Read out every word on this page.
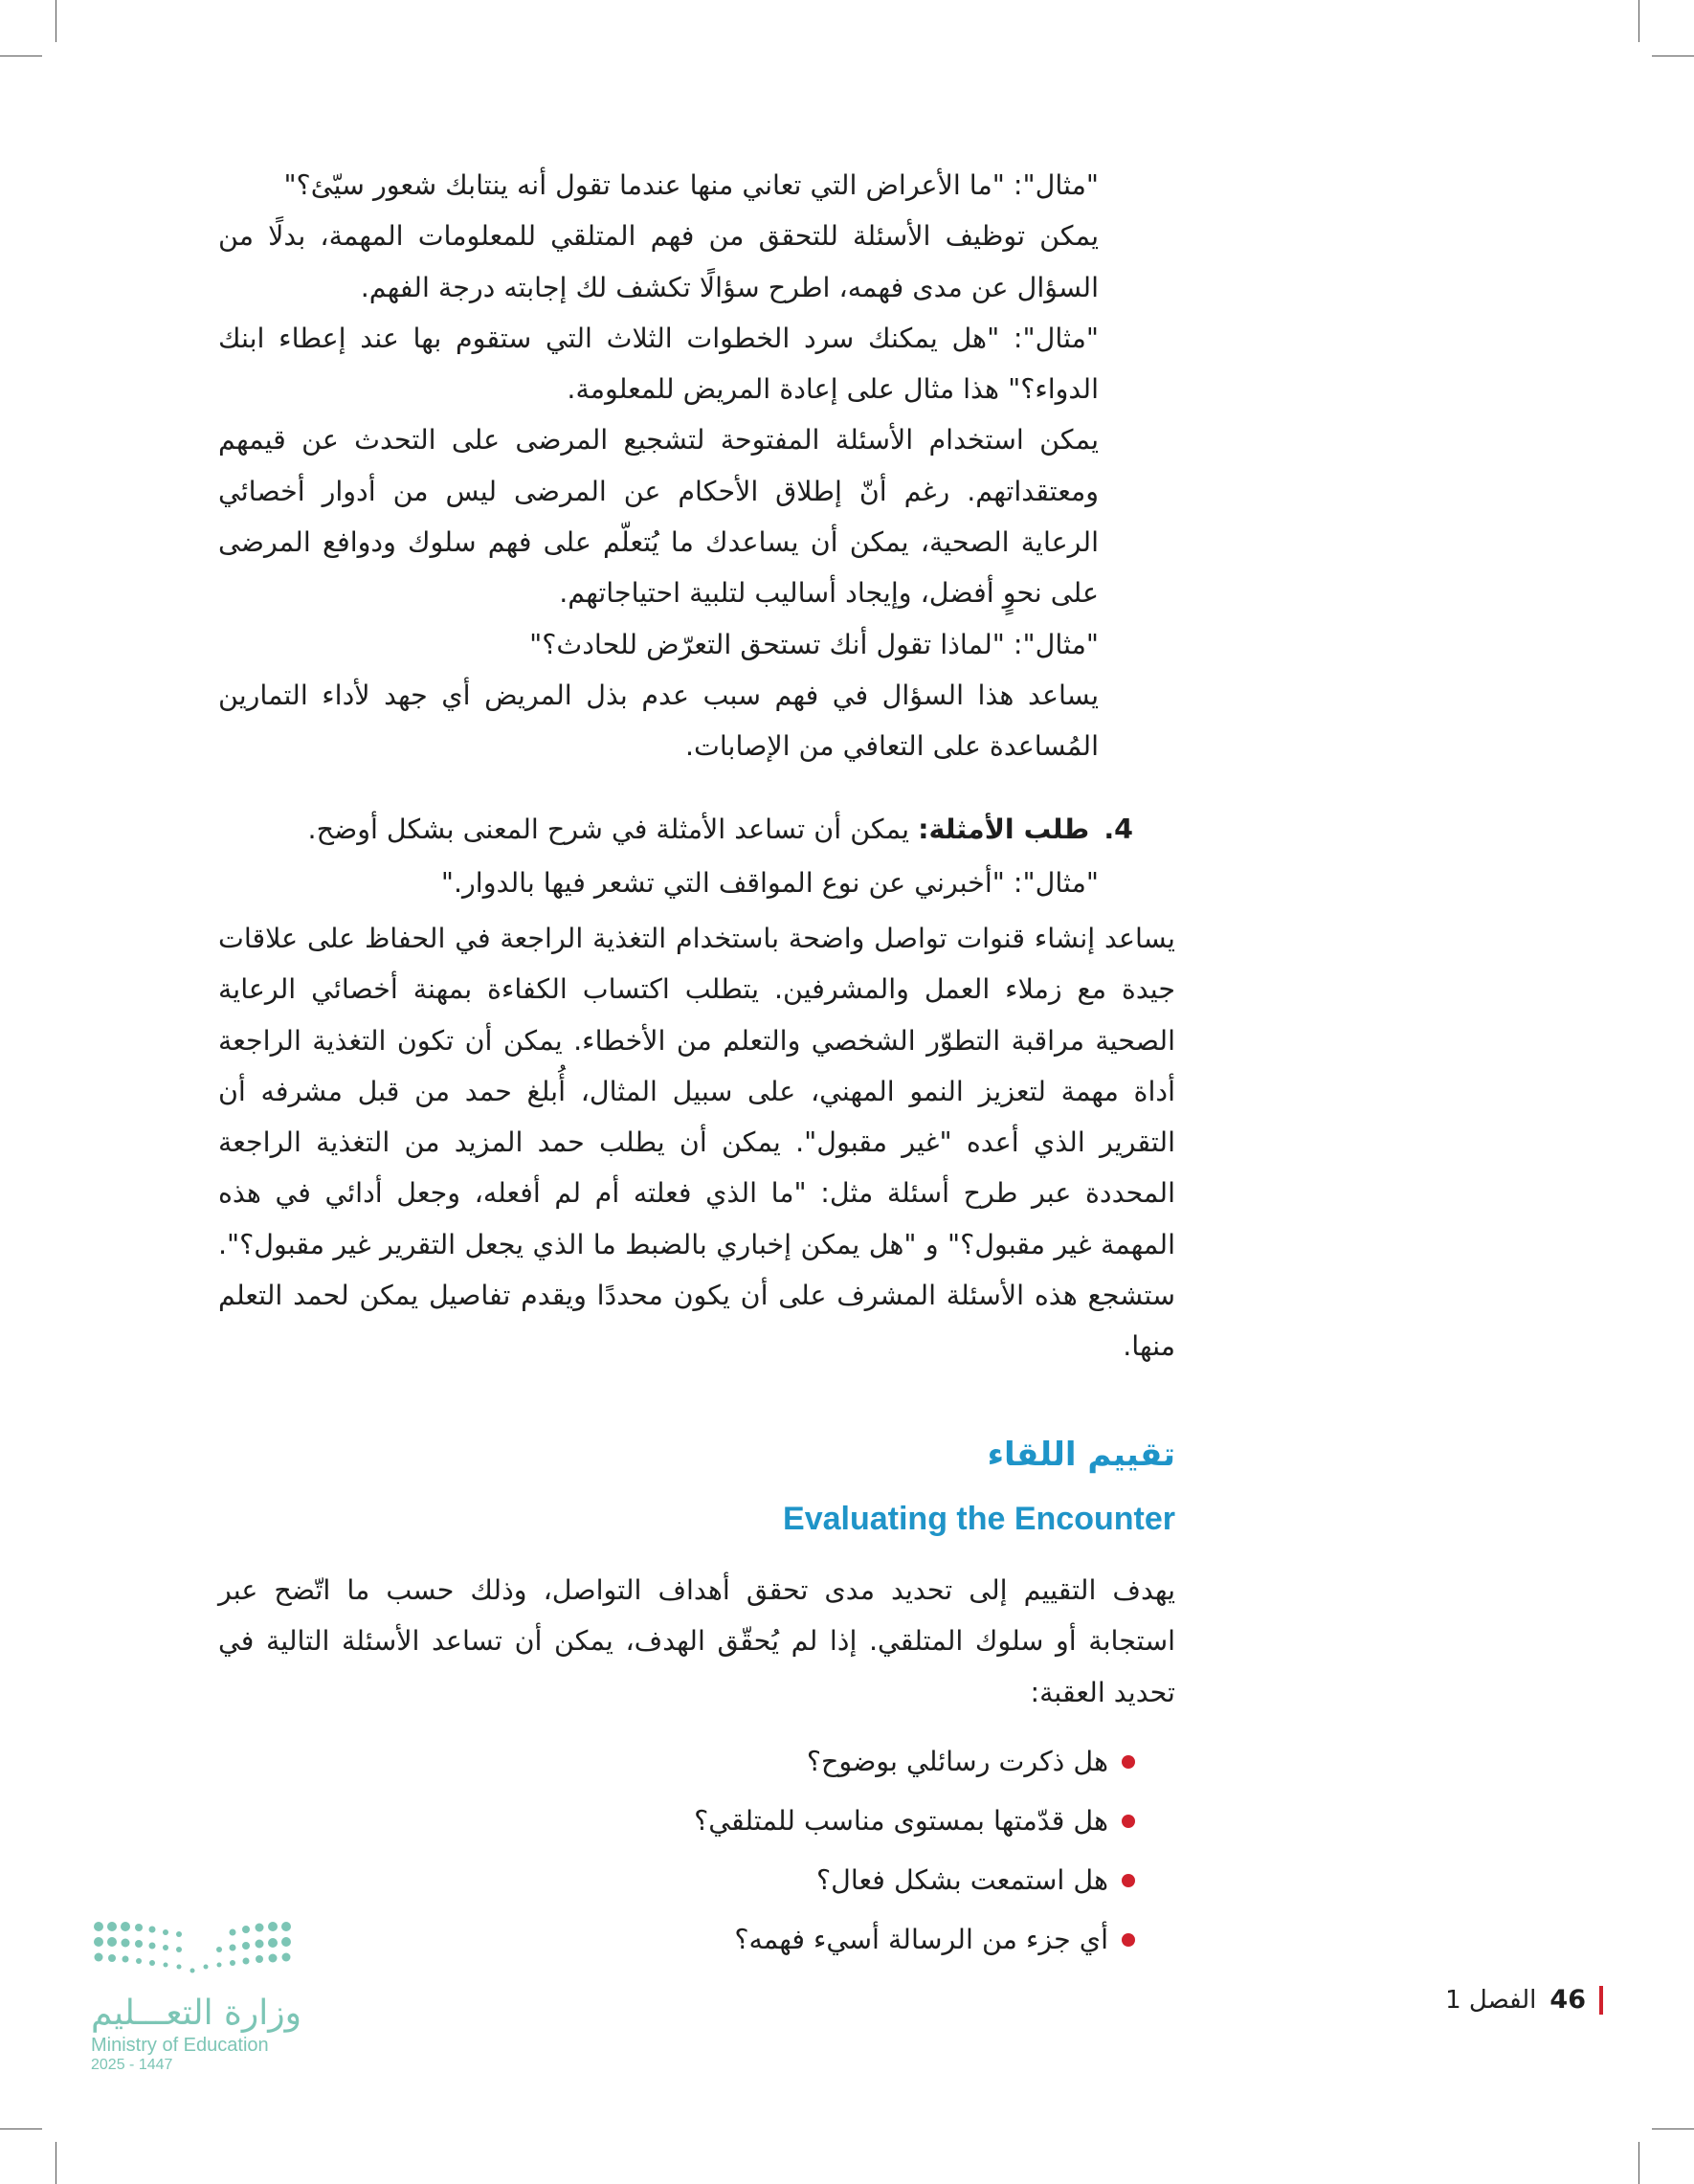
"مثال": "ما الأعراض التي تعاني منها عندما تقول أنه ينتابك شعور سيّئ؟"

يمكن توظيف الأسئلة للتحقق من فهم المتلقي للمعلومات المهمة، بدلًا من السؤال عن مدى فهمه، اطرح سؤالًا تكشف لك إجابته درجة الفهم.

"مثال": "هل يمكنك سرد الخطوات الثلاث التي ستقوم بها عند إعطاء ابنك الدواء؟" هذا مثال على إعادة المريض للمعلومة.

يمكن استخدام الأسئلة المفتوحة لتشجيع المرضى على التحدث عن قيمهم ومعتقداتهم. رغم أنّ إطلاق الأحكام عن المرضى ليس من أدوار أخصائي الرعاية الصحية، يمكن أن يساعدك ما يُتعلّم على فهم سلوك ودوافع المرضى على نحوٍ أفضل، وإيجاد أساليب لتلبية احتياجاتهم.

"مثال": "لماذا تقول أنك تستحق التعرّض للحادث؟"

يساعد هذا السؤال في فهم سبب عدم بذل المريض أي جهد لأداء التمارين المُساعدة على التعافي من الإصابات.

4. طلب الأمثلة: يمكن أن تساعد الأمثلة في شرح المعنى بشكل أوضح.

"مثال": "أخبرني عن نوع المواقف التي تشعر فيها بالدوار."

يساعد إنشاء قنوات تواصل واضحة باستخدام التغذية الراجعة في الحفاظ على علاقات جيدة مع زملاء العمل والمشرفين. يتطلب اكتساب الكفاءة بمهنة أخصائي الرعاية الصحية مراقبة التطوّر الشخصي والتعلم من الأخطاء. يمكن أن تكون التغذية الراجعة أداة مهمة لتعزيز النمو المهني، على سبيل المثال، أُبلغ حمد من قبل مشرفه أن التقرير الذي أعده "غير مقبول". يمكن أن يطلب حمد المزيد من التغذية الراجعة المحددة عبر طرح أسئلة مثل: "ما الذي فعلته أم لم أفعله، وجعل أدائي في هذه المهمة غير مقبول؟" و "هل يمكن إخباري بالضبط ما الذي يجعل التقرير غير مقبول؟". ستشجع هذه الأسئلة المشرف على أن يكون محددًا ويقدم تفاصيل يمكن لحمد التعلم منها.

تقييم اللقاء
Evaluating the Encounter

يهدف التقييم إلى تحديد مدى تحقق أهداف التواصل، وذلك حسب ما اتّضح عبر استجابة أو سلوك المتلقي. إذا لم يُحقّق الهدف، يمكن أن تساعد الأسئلة التالية في تحديد العقبة:

هل ذكرت رسائلي بوضوح؟
هل قدّمتها بمستوى مناسب للمتلقي؟
هل استمعت بشكل فعال؟
أي جزء من الرسالة أسيء فهمه؟
46
الفصل 1
وزارة التعـــليم
Ministry of Education
2025 - 1447
